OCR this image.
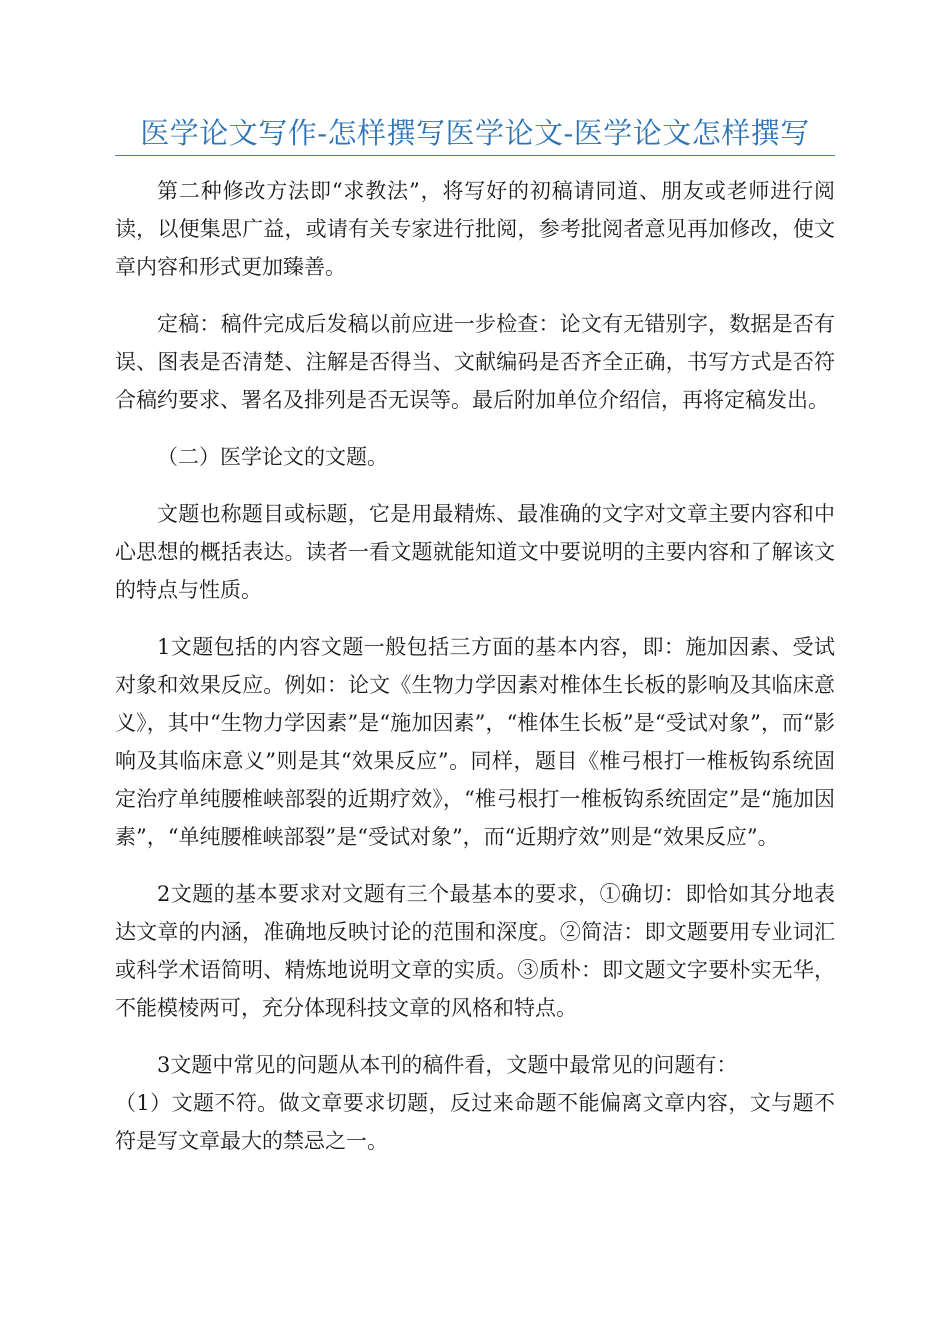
医学论文写作-怎样撰写医学论文-医学论文怎样撰写

第二种修改方法即“求教法”，将写好的初稿请同道、朋友或老师进行阅读，以便集思广益，或请有关专家进行批阅，参考批阅者意见再加修改，使文章内容和形式更加臻善。

定稿：稿件完成后发稿以前应进一步检查：论文有无错别字，数据是否有误、图表是否清楚、注解是否得当、文献编码是否齐全正确，书写方式是否符合稿约要求、署名及排列是否无误等。最后附加单位介绍信，再将定稿发出。

（二）医学论文的文题。

文题也称题目或标题，它是用最精炼、最准确的文字对文章主要内容和中心思想的概括表达。读者一看文题就能知道文中要说明的主要内容和了解该文的特点与性质。

1文题包括的内容文题一般包括三方面的基本内容，即：施加因素、受试对象和效果反应。例如：论文《生物力学因素对椎体生长板的影响及其临床意义》，其中“生物力学因素”是“施加因素”，“椎体生长板”是“受试对象”，而“影响及其临床意义”则是其“效果反应”。同样，题目《椎弓根打一椎板钩系统固定治疗单纯腰椎峡部裂的近期疗效》，“椎弓根打一椎板钩系统固定”是“施加因素”，“单纯腰椎峡部裂”是“受试对象”，而“近期疗效”则是“效果反应”。

2文题的基本要求对文题有三个最基本的要求，①确切：即恰如其分地表达文章的内涵，准确地反映讨论的范围和深度。②简洁：即文题要用专业词汇或科学术语简明、精炼地说明文章的实质。③质朴：即文题文字要朴实无华，不能模棱两可，充分体现科技文章的风格和特点。

3文题中常见的问题从本刊的稿件看，文题中最常见的问题有：

（1）文题不符。做文章要求切题，反过来命题不能偏离文章内容，文与题不符是写文章最大的禁忌之一。
